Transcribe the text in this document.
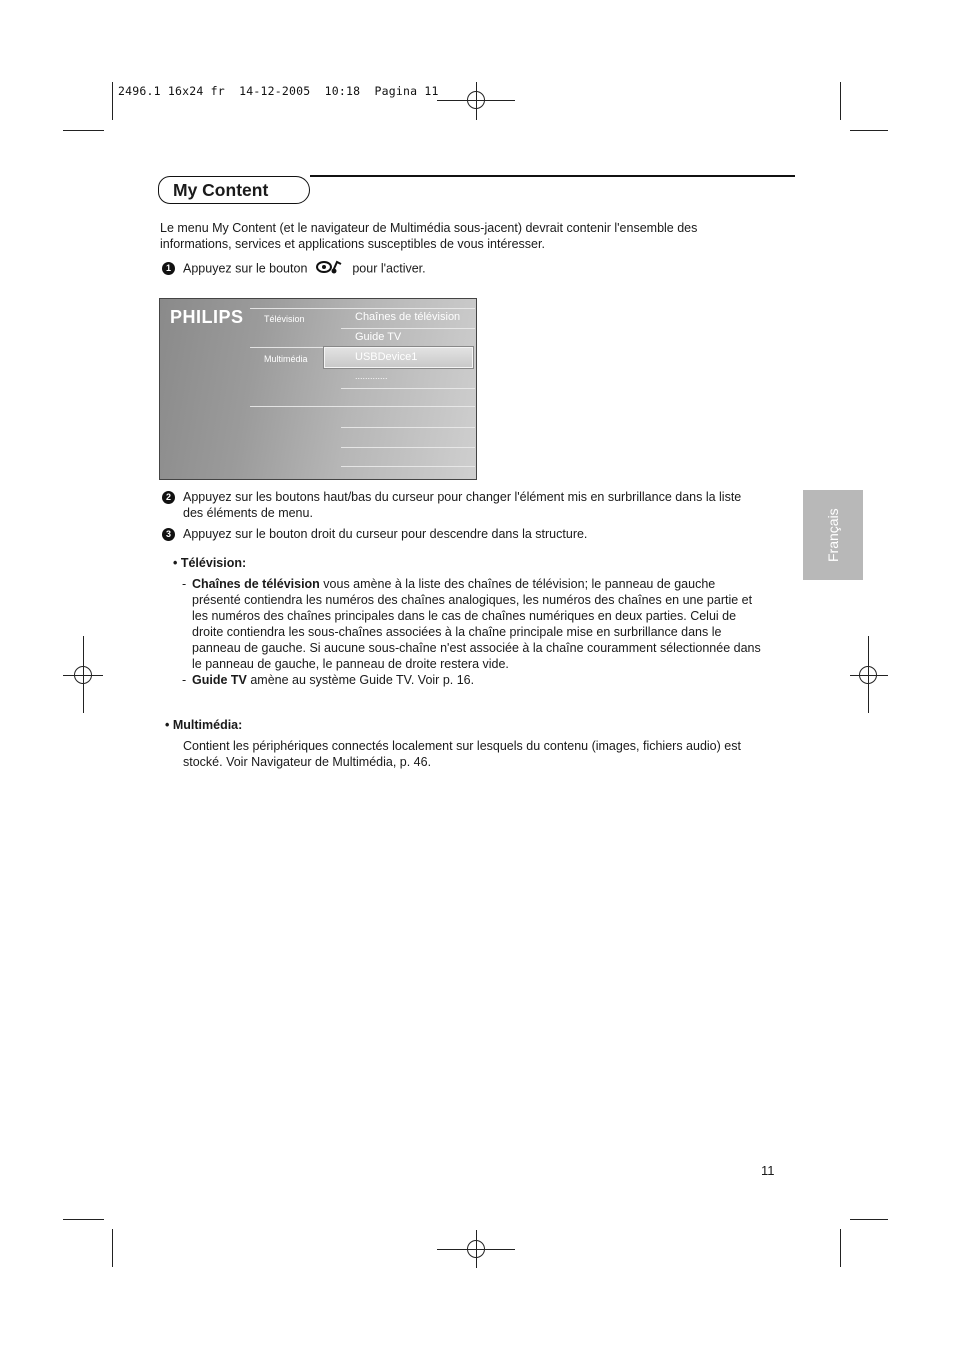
2496.1 16x24 fr  14-12-2005  10:18  Pagina 11
My Content
Le menu My Content (et le navigateur de Multimédia sous-jacent) devrait contenir l'ensemble des informations, services et applications susceptibles de vous intéresser.
1 Appuyez sur le bouton	pour l'activer.
PHILIPS Télévision
Multimédia
Chaînes de télévision
Guide TV
USBDevice1
.............
2 Appuyez sur les boutons haut/bas du curseur pour changer l'élément mis en surbrillance dans la liste
des éléments de menu.
3 Appuyez sur le bouton droit du curseur pour descendre dans la structure.
• Télévision:
- Chaînes de télévision vous amène à la liste des chaînes de télévision; le panneau de gauche
présenté contiendra les numéros des chaînes analogiques, les numéros des chaînes en une partie et
les numéros des chaînes principales dans le cas de chaînes numériques en deux parties. Celui de
droite contiendra les sous-chaînes associées à la chaîne principale mise en surbrillance dans le
panneau de gauche. Si aucune sous-chaîne n'est associée à la chaîne couramment sélectionnée dans
le panneau de gauche, le panneau de droite restera vide.
- Guide TV amène au système Guide TV. Voir p. 16.
• Multimédia:
Contient les périphériques connectés localement sur lesquels du contenu (images, fichiers audio) est
stocké. Voir Navigateur de Multimédia, p. 46.
Français
11
